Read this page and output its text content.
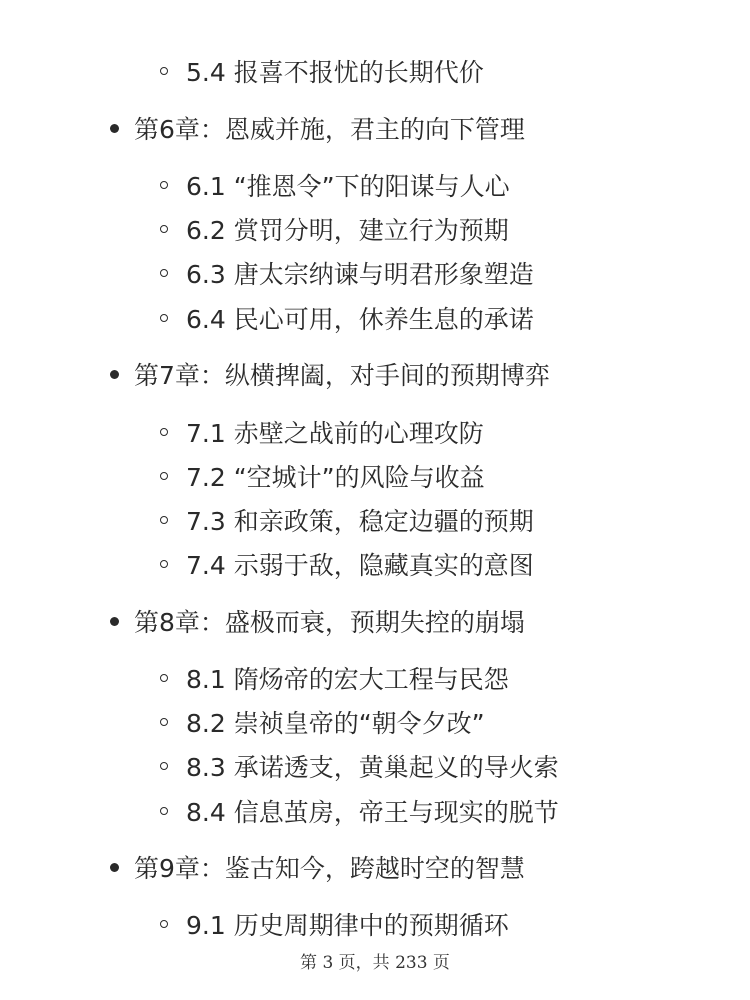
5.4 报喜不报忧的长期代价
第6章：恩威并施，君主的向下管理
6.1 “推恩令”下的阳谋与人心
6.2 赏罚分明，建立行为预期
6.3 唐太宗纳谏与明君形象塑造
6.4 民心可用，休养生息的承诺
第7章：纵横捭阖，对手间的预期博弈
7.1 赤壁之战前的心理攻防
7.2 “空城计”的风险与收益
7.3 和亲政策，稳定边疆的预期
7.4 示弱于敌，隐藏真实的意图
第8章：盛极而衰，预期失控的崩塌
8.1 隋炀帝的宏大工程与民怨
8.2 崇祯皇帝的“朝令夕改”
8.3 承诺透支，黄巢起义的导火索
8.4 信息茧房，帝王与现实的脱节
第9章：鉴古知今，跨越时空的智慧
9.1 历史周期律中的预期循环
第 3 页，共 233 页
